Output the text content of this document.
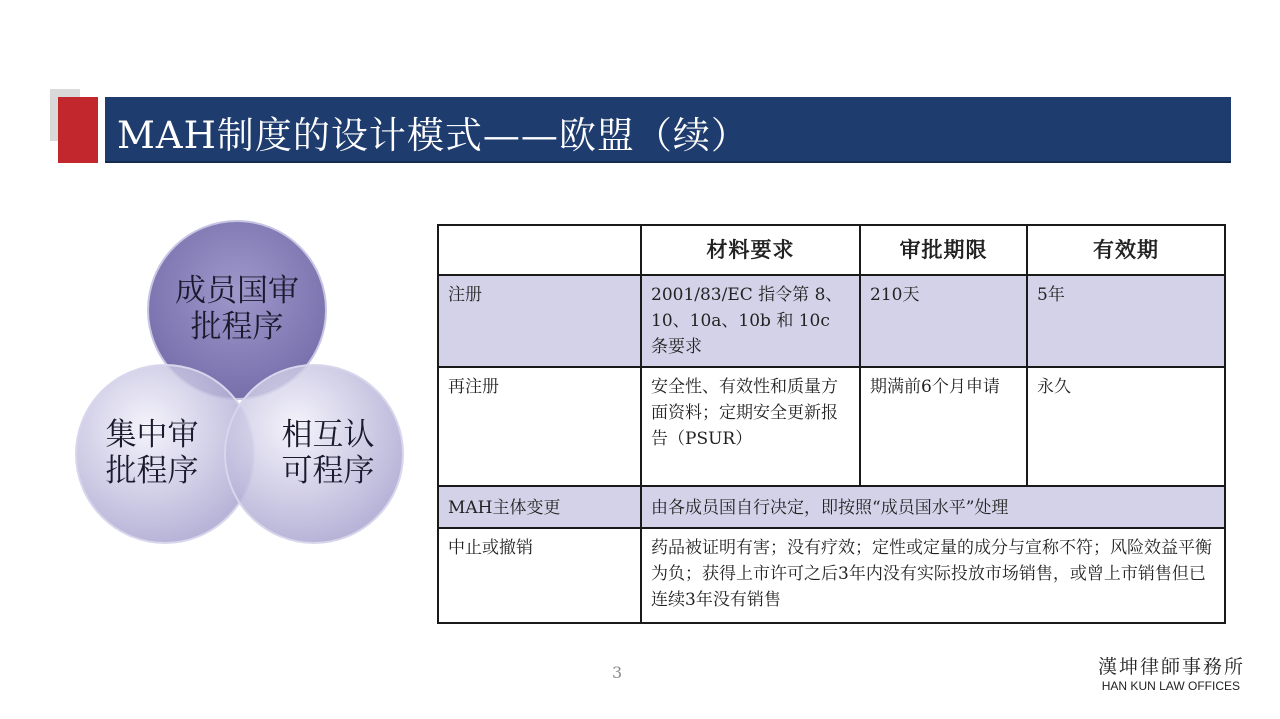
MAH制度的设计模式——欧盟（续）
成员国审
批程序
集中审
批程序
相互认
可程序
	材料要求	审批期限	有效期
注册	2001/83/EC 指令第 8、10、10a、10b 和 10c 条要求	210天	5年
再注册	安全性、有效性和质量方面资料；定期安全更新报告（PSUR）	期满前6个月申请	永久
MAH主体变更	由各成员国自行决定，即按照“成员国水平”处理		
中止或撤销	药品被证明有害；没有疗效；定性或定量的成分与宣称不符；风险效益平衡为负；获得上市许可之后3年内没有实际投放市场销售，或曾上市销售但已连续3年没有销售		
3	漢坤律師事務所
HAN KUN LAW OFFICES
